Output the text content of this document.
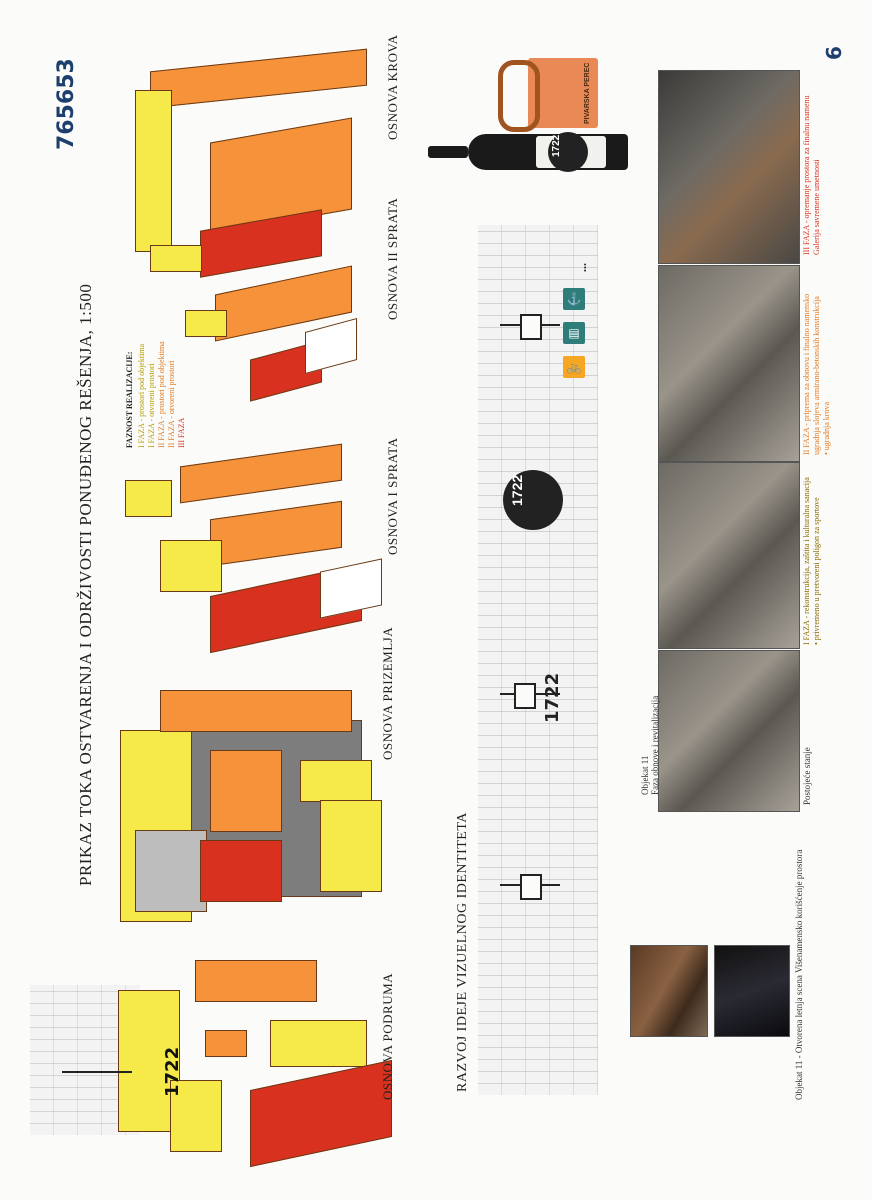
765653
6
PRIKAZ TOKA OSTVARENJA I ODRŽIVOSTI PONUĐENOG REŠENJA, 1:500
1722	OSNOVA PODRUMA
OSNOVA PRIZEMLJA
OSNOVA I SPRATA
FAZNOST REALIZACIJE: I FAZA - prostori pod objektima I FAZA - otvoreni prostori II FAZA - prostori pod objektima II FAZA - otvoreni prostori III FAZA
OSNOVA II SPRATA
OSNOVA KROVA
RAZVOJ IDEJE VIZUELNOG IDENTITETA
1722
1722
🚲
▤
⚓
...
PIVARSKA PEREC
1722
Objekat 11 - Otvorena letnja scena Višenamensko korišćenje prostora
Objekat 11
Faza obnove i revitalizacija
Postojeće stanje
I FAZA - rekonstrukcija, zaštita i kulturalna sanacija
• privremeno u pretvoreni poligon za sportove
II FAZA - priprema za obnovu i finalno namensko
ugradnja slojeva armirano-betonskih konstrukcija
• ugradnja krova
III FAZA - opremanje prostora za finalnu namenu
Galerija savremene umetnosti
